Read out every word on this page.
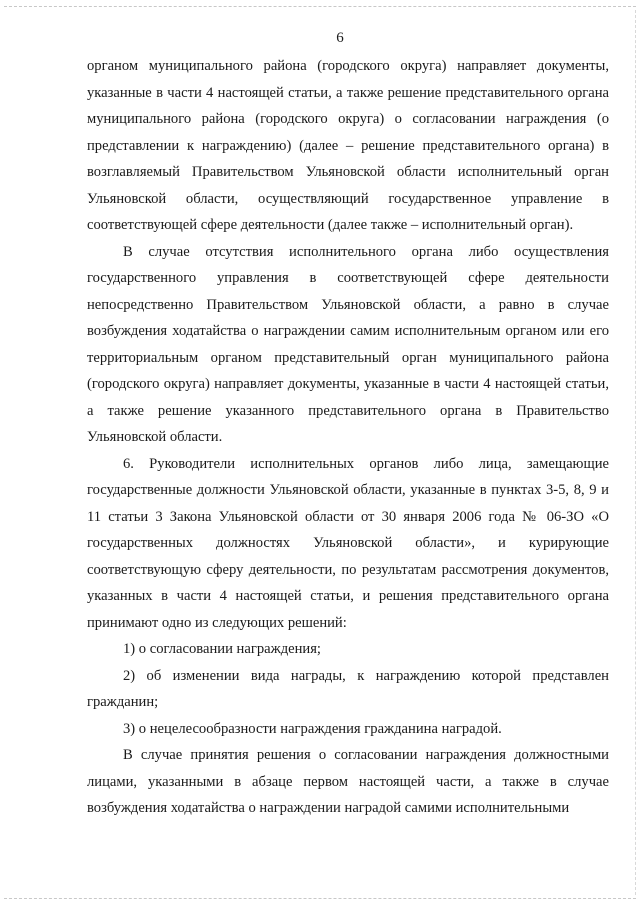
6

органом муниципального района (городского округа) направляет документы, указанные в части 4 настоящей статьи, а также решение представительного органа муниципального района (городского округа) о согласовании награждения (о представлении к награждению) (далее – решение представительного органа) в возглавляемый Правительством Ульяновской области исполнительный орган Ульяновской области, осуществляющий государственное управление в соответствующей сфере деятельности (далее также – исполнительный орган).

В случае отсутствия исполнительного органа либо осуществления государственного управления в соответствующей сфере деятельности непосредственно Правительством Ульяновской области, а равно в случае возбуждения ходатайства о награждении самим исполнительным органом или его территориальным органом представительный орган муниципального района (городского округа) направляет документы, указанные в части 4 настоящей статьи, а также решение указанного представительного органа в Правительство Ульяновской области.

6. Руководители исполнительных органов либо лица, замещающие государственные должности Ульяновской области, указанные в пунктах 3-5, 8, 9 и 11 статьи 3 Закона Ульяновской области от 30 января 2006 года № 06-ЗО «О государственных должностях Ульяновской области», и курирующие соответствующую сферу деятельности, по результатам рассмотрения документов, указанных в части 4 настоящей статьи, и решения представительного органа принимают одно из следующих решений:

1) о согласовании награждения;

2) об изменении вида награды, к награждению которой представлен гражданин;

3) о нецелесообразности награждения гражданина наградой.

В случае принятия решения о согласовании награждения должностными лицами, указанными в абзаце первом настоящей части, а также в случае возбуждения ходатайства о награждении наградой самими исполнительными
